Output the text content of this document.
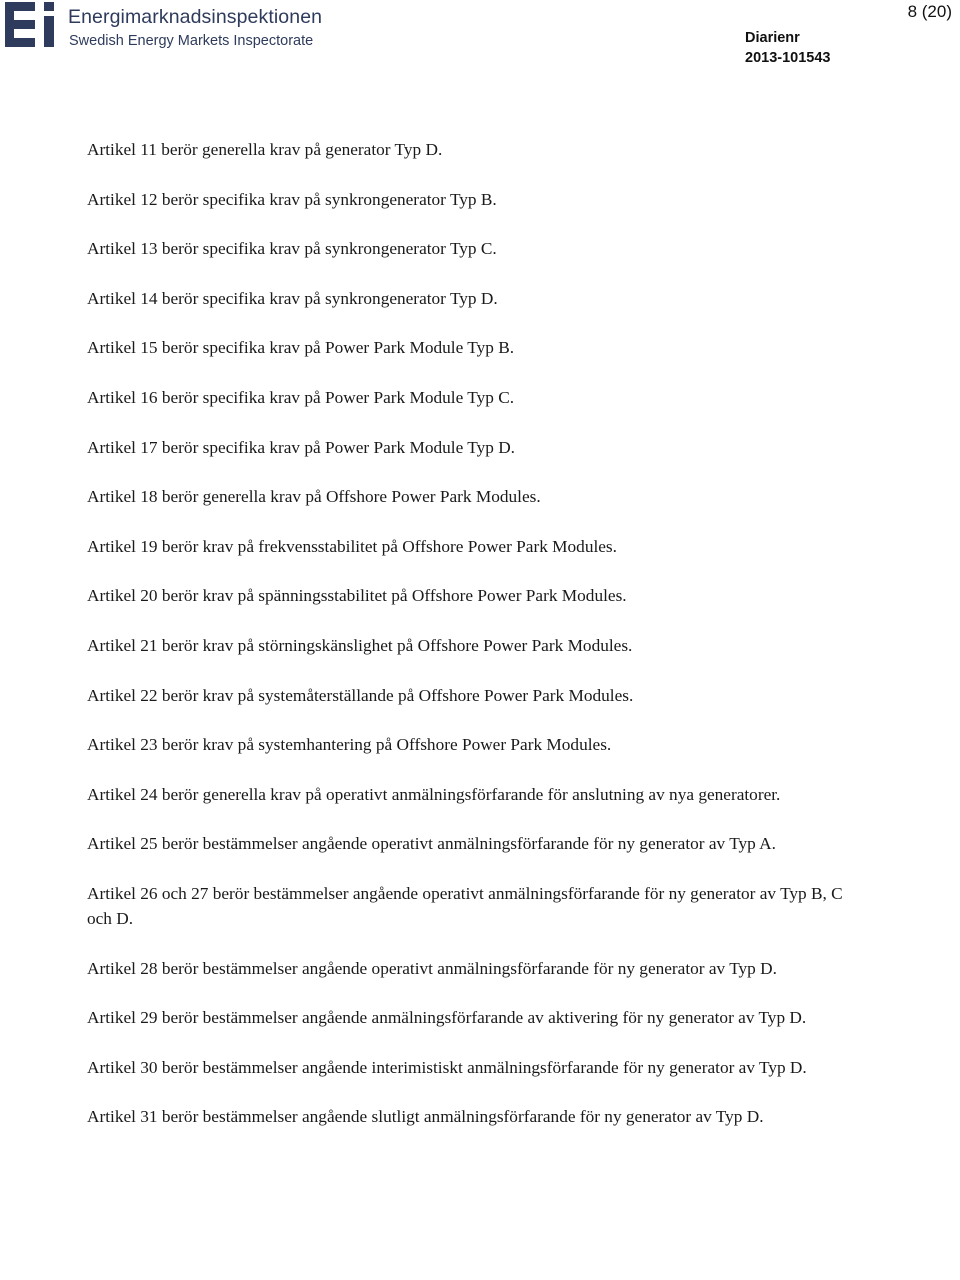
Energimarknadsinspektionen
Swedish Energy Markets Inspectorate
8 (20)
Diarienr
2013-101543

Artikel 11 berör generella krav på generator Typ D.

Artikel 12 berör specifika krav på synkrongenerator Typ B.

Artikel 13 berör specifika krav på synkrongenerator Typ C.

Artikel 14 berör specifika krav på synkrongenerator Typ D.

Artikel 15 berör specifika krav på Power Park Module Typ B.

Artikel 16 berör specifika krav på Power Park Module Typ C.

Artikel 17 berör specifika krav på Power Park Module Typ D.

Artikel 18 berör generella krav på Offshore Power Park Modules.

Artikel 19 berör krav på frekvensstabilitet på Offshore Power Park Modules.

Artikel 20 berör krav på spänningsstabilitet på Offshore Power Park Modules.

Artikel 21 berör krav på störningskänslighet på Offshore Power Park Modules.

Artikel 22 berör krav på systemåterställande på Offshore Power Park Modules.

Artikel 23 berör krav på systemhantering på Offshore Power Park Modules.

Artikel 24 berör generella krav på operativt anmälningsförfarande för anslutning av nya generatorer.

Artikel 25 berör bestämmelser angående operativt anmälningsförfarande för ny generator av Typ A.

Artikel 26 och 27 berör bestämmelser angående operativt anmälningsförfarande för ny generator av Typ B, C och D.

Artikel 28 berör bestämmelser angående operativt anmälningsförfarande för ny generator av Typ D.

Artikel 29 berör bestämmelser angående anmälningsförfarande av aktivering för ny generator av Typ D.

Artikel 30 berör bestämmelser angående interimistiskt anmälningsförfarande för ny generator av Typ D.

Artikel 31 berör bestämmelser angående slutligt anmälningsförfarande för ny generator av Typ D.
